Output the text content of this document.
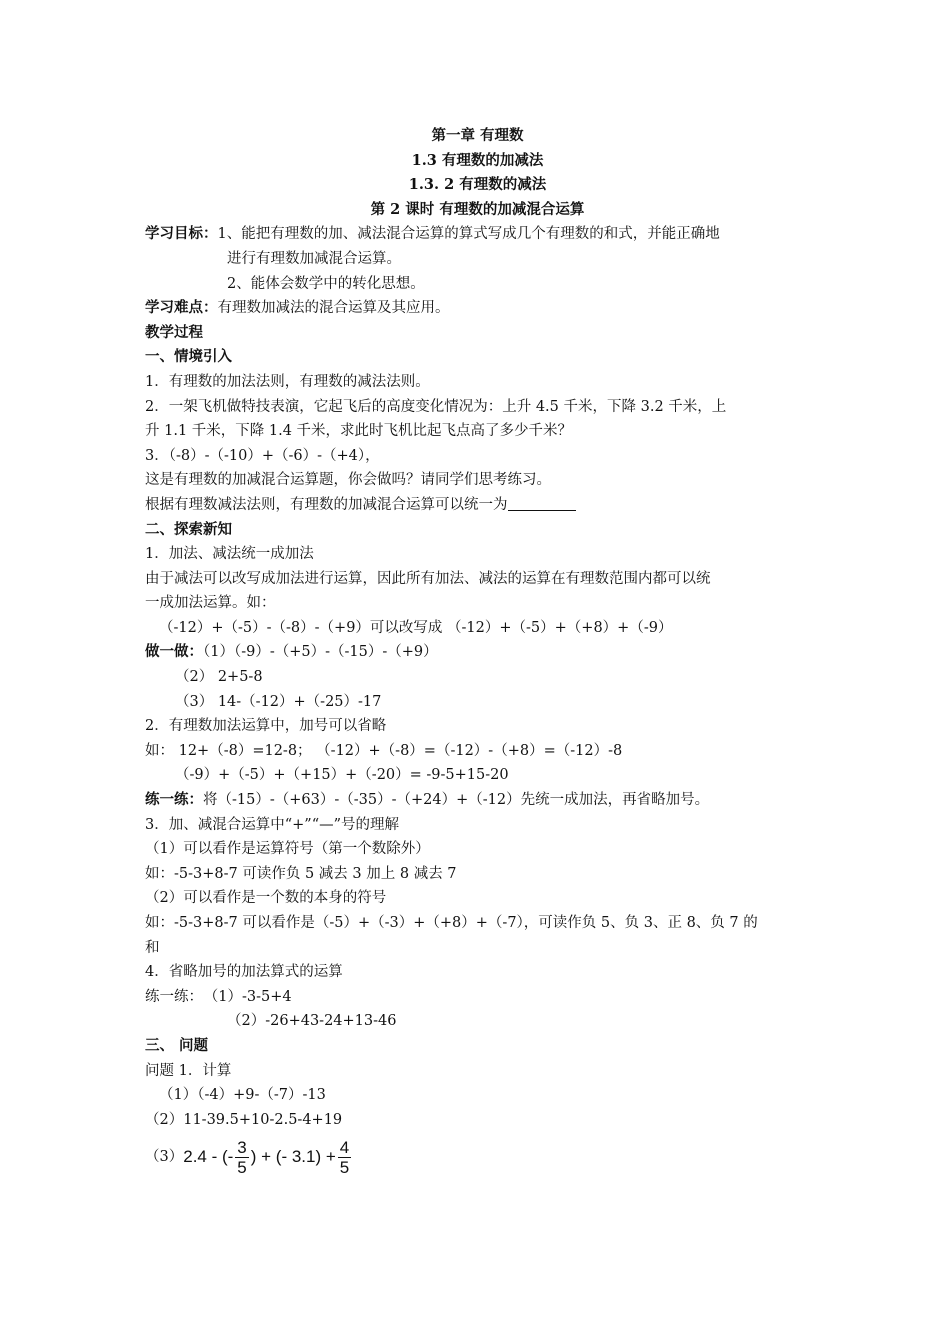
第一章 有理数
1.3 有理数的加减法
1.3. 2 有理数的减法
第 2 课时 有理数的加减混合运算
学习目标：1、能把有理数的加、减法混合运算的算式写成几个有理数的和式，并能正确地
进行有理数加减混合运算。
2、能体会数学中的转化思想。
学习难点：有理数加减法的混合运算及其应用。
教学过程
一、情境引入
1．有理数的加法法则，有理数的减法法则。
2．一架飞机做特技表演，它起飞后的高度变化情况为：上升 4.5 千米，下降 3.2 千米，上
升 1.1 千米，下降 1.4 千米，求此时飞机比起飞点高了多少千米？
3．（-8）-（-10）+（-6）-（+4），
这是有理数的加减混合运算题，你会做吗？请同学们思考练习。
根据有理数减法法则，有理数的加减混合运算可以统一为
二、探索新知
1．加法、减法统一成加法
由于减法可以改写成加法进行运算，因此所有加法、减法的运算在有理数范围内都可以统
一成加法运算。如：
（-12）+（-5）-（-8）-（+9）可以改写成 （-12）+（-5）+（+8）+（-9）
做一做：（1）（-9）-（+5）-（-15）-（+9）
（2） 2+5-8
（3） 14-（-12）+（-25）-17
2．有理数加法运算中，加号可以省略
如： 12+（-8）=12-8； （-12）+（-8）=（-12）-（+8）=（-12）-8
（-9）+（-5）+（+15）+（-20）= -9-5+15-20
练一练：将（-15）-（+63）-（-35）-（+24）+（-12）先统一成加法，再省略加号。
3．加、减混合运算中“+”“—”号的理解
（1）可以看作是运算符号（第一个数除外）
如：-5-3+8-7 可读作负 5 减去 3 加上 8 减去 7
（2）可以看作是一个数的本身的符号
如：-5-3+8-7 可以看作是（-5）+（-3）+（+8）+（-7），可读作负 5、负 3、正 8、负 7 的
和
4．省略加号的加法算式的运算
练一练： （1）-3-5+4
（2）-26+43-24+13-46
三、 问题
问题 1．计算
（1）（-4）+9-（-7）-13
（2）11-39.5+10-2.5-4+19
（3） 2.4 - (- $\frac{3}{5}$ ) + (- $3.1) + \frac{4}{5}$
